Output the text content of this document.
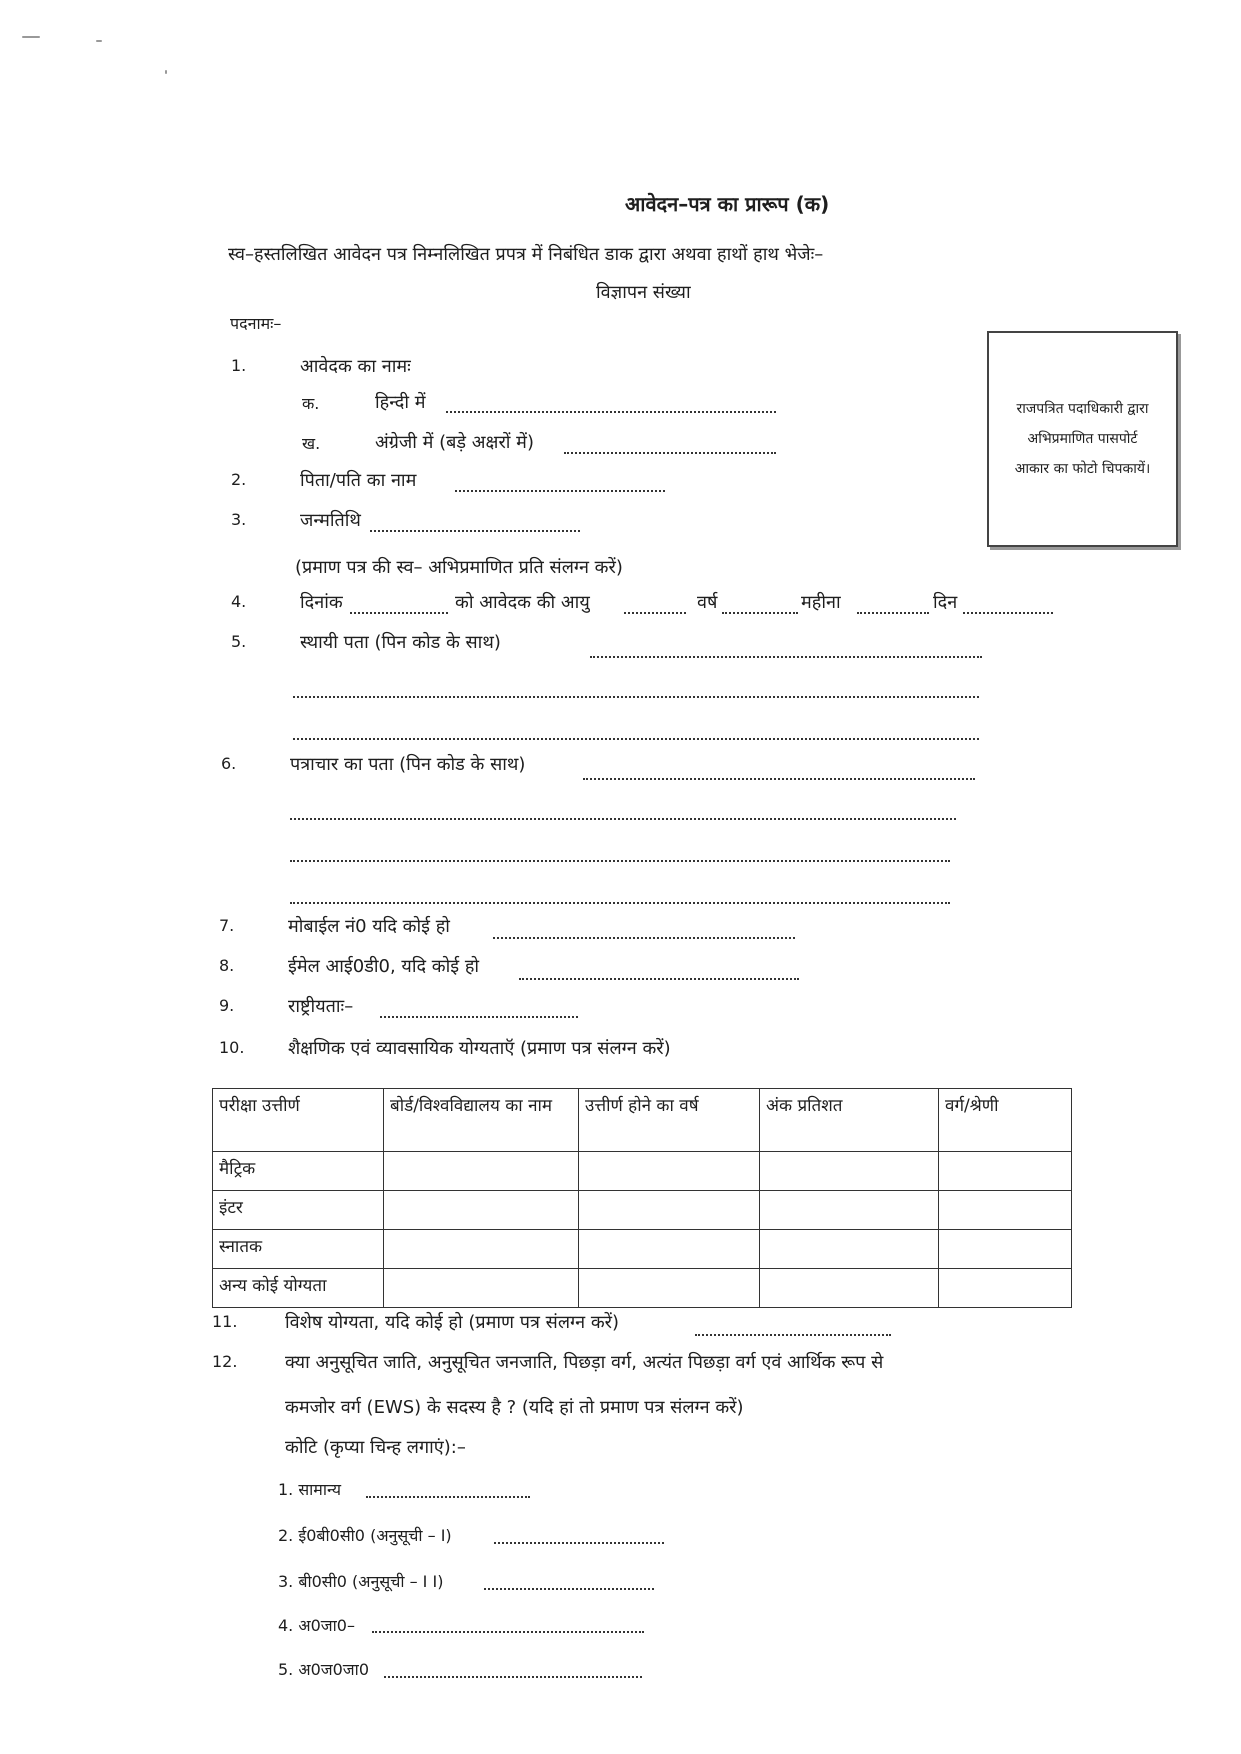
आवेदन–पत्र का प्रारूप (क)
स्व–हस्तलिखित आवेदन पत्र निम्नलिखित प्रपत्र में निबंधित डाक द्वारा अथवा हाथों हाथ भेजेः–
विज्ञापन संख्या
पदनामः–
राजपत्रित पदाधिकारी द्वारा
अभिप्रमाणित पासपोर्ट
आकार का फोटो चिपकायें।
1.	आवेदक का नामः
क.	हिन्दी में
ख.	अंग्रेजी में (बड़े अक्षरों में)
2.	पिता/पति का नाम
3.	जन्मतिथि
(प्रमाण पत्र की स्व– अभिप्रमाणित प्रति संलग्न करें)
4.	दिनांक	को आवेदक की आयु	वर्ष	महीना	दिन
5.	स्थायी पता (पिन कोड के साथ)
6.	पत्राचार का पता (पिन कोड के साथ)
7.	मोबाईल नं0 यदि कोई हो
8.	ईमेल आई0डी0, यदि कोई हो
9.	राष्ट्रीयताः–
10. शैक्षणिक एवं व्यावसायिक योग्यताऍ (प्रमाण पत्र संलग्न करें)
परीक्षा उत्तीर्ण	बोर्ड/विश्वविद्यालय का नाम	उत्तीर्ण होने का वर्ष	अंक प्रतिशत	वर्ग/श्रेणी
मैट्रिक				
इंटर				
स्नातक				
अन्य कोई योग्यता				
11.	विशेष योग्यता, यदि कोई हो (प्रमाण पत्र संलग्न करें)
12.	क्या अनुसूचित जाति, अनुसूचित जनजाति, पिछड़ा वर्ग, अत्यंत पिछड़ा वर्ग एवं आर्थिक रूप से
कमजोर वर्ग (EWS) के सदस्य है ? (यदि हां तो प्रमाण पत्र संलग्न करें)
कोटि (कृप्या चिन्ह लगाएं):–
1. सामान्य
2. ई0बी0सी0 (अनुसूची – I)
3. बी0सी0 (अनुसूची – I I)
4. अ0जा0–
5. अ0ज0जा0
